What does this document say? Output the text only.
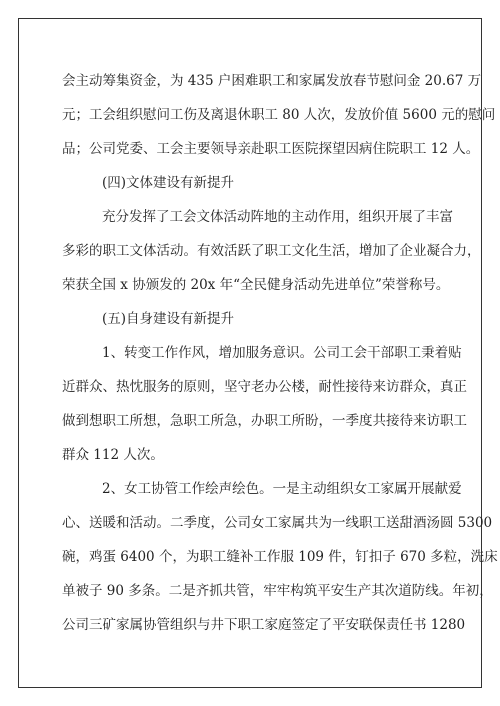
会主动筹集资金，为 435 户困难职工和家属发放春节慰问金 20.67 万
元；工会组织慰问工伤及离退休职工 80 人次，发放价值 5600 元的慰问
品；公司党委、工会主要领导亲赴职工医院探望因病住院职工 12 人。
(四)文体建设有新提升
充分发挥了工会文体活动阵地的主动作用，组织开展了丰富
多彩的职工文体活动。有效活跃了职工文化生活，增加了企业凝合力，
荣获全国 x 协颁发的 20x 年“全民健身活动先进单位”荣誉称号。
(五)自身建设有新提升
1、转变工作作风，增加服务意识。公司工会干部职工秉着贴
近群众、热忱服务的原则，坚守老办公楼，耐性接待来访群众，真正
做到想职工所想，急职工所急，办职工所盼，一季度共接待来访职工
群众 112 人次。
2、女工协管工作绘声绘色。一是主动组织女工家属开展献爱
心、送暖和活动。二季度，公司女工家属共为一线职工送甜酒汤圆 5300
碗，鸡蛋 6400 个，为职工缝补工作服 109 件，钉扣子 670 多粒，洗床
单被子 90 多条。二是齐抓共管，牢牢构筑平安生产其次道防线。年初，
公司三矿家属协管组织与井下职工家庭签定了平安联保责任书 1280
